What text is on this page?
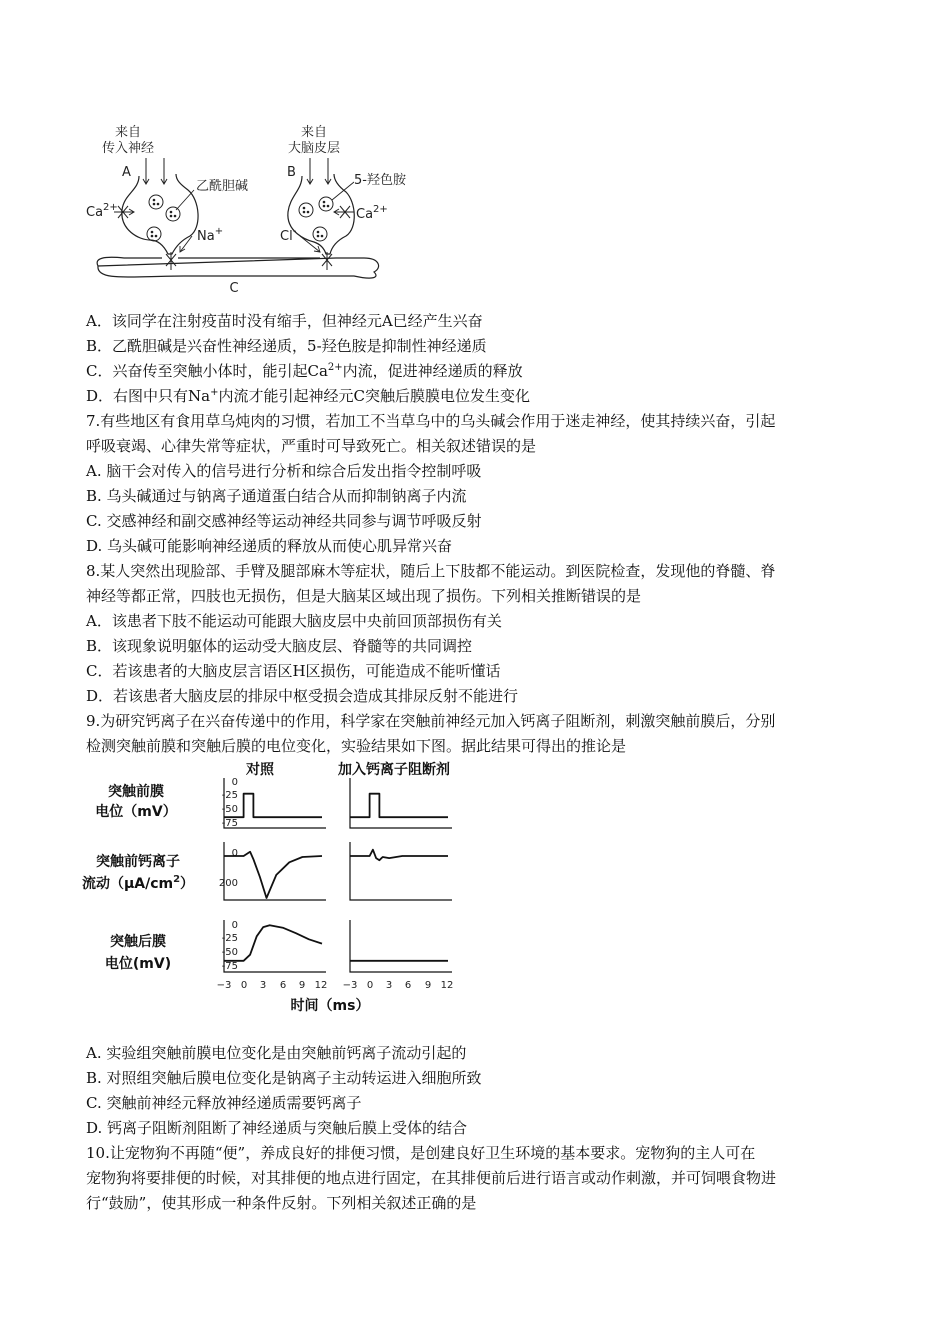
来自
传入神经
A
来自
大脑皮层
B
$Ca^{2+}$	$Ca^{2+}$
乙酰胆碱	5-羟色胺
Na+	Cl-
C
A．该同学在注射疫苗时没有缩手，但神经元A已经产生兴奋
B．乙酰胆碱是兴奋性神经递质，5-羟色胺是抑制性神经递质
C．兴奋传至突触小体时，能引起$Ca^{2+}$内流，促进神经递质的释放
D．右图中只有Na+内流才能引起神经元C突触后膜膜电位发生变化
7.有些地区有食用草乌炖肉的习惯，若加工不当草乌中的乌头碱会作用于迷走神经，使其持续兴奋，引起
呼吸衰竭、心律失常等症状，严重时可导致死亡。相关叙述错误的是
A. 脑干会对传入的信号进行分析和综合后发出指令控制呼吸
B. 乌头碱通过与钠离子通道蛋白结合从而抑制钠离子内流
C. 交感神经和副交感神经等运动神经共同参与调节呼吸反射
D. 乌头碱可能影响神经递质的释放从而使心肌异常兴奋
8.某人突然出现脸部、手臂及腿部麻木等症状，随后上下肢都不能运动。到医院检查，发现他的脊髓、脊
神经等都正常，四肢也无损伤，但是大脑某区域出现了损伤。下列相关推断错误的是
A．该患者下肢不能运动可能跟大脑皮层中央前回顶部损伤有关
B．该现象说明躯体的运动受大脑皮层、脊髓等的共同调控
C．若该患者的大脑皮层言语区H区损伤，可能造成不能听懂话
D．若该患者大脑皮层的排尿中枢受损会造成其排尿反射不能进行
9.为研究钙离子在兴奋传递中的作用，科学家在突触前神经元加入钙离子阻断剂，刺激突触前膜后，分别
检测突触前膜和突触后膜的电位变化，实验结果如下图。据此结果可得出的推论是
对照	加入钙离子阻断剂
突触前膜
电位（mV）
突触前钙离子
流动$(\mu A/cm^2)$
突触后膜
电位(mV)
0
-25
-50
-75
0
200
0
-25
-50
-75
−3 0 3 6 9 12 −3 0 3 6 9 12
时间（ms）
A. 实验组突触前膜电位变化是由突触前钙离子流动引起的
B. 对照组突触后膜电位变化是钠离子主动转运进入细胞所致
C. 突触前神经元释放神经递质需要钙离子
D. 钙离子阻断剂阻断了神经递质与突触后膜上受体的结合
10.让宠物狗不再随“便”，养成良好的排便习惯，是创建良好卫生环境的基本要求。宠物狗的主人可在
宠物狗将要排便的时候，对其排便的地点进行固定，在其排便前后进行语言或动作刺激，并可饲喂食物进
行“鼓励”，使其形成一种条件反射。下列相关叙述正确的是
